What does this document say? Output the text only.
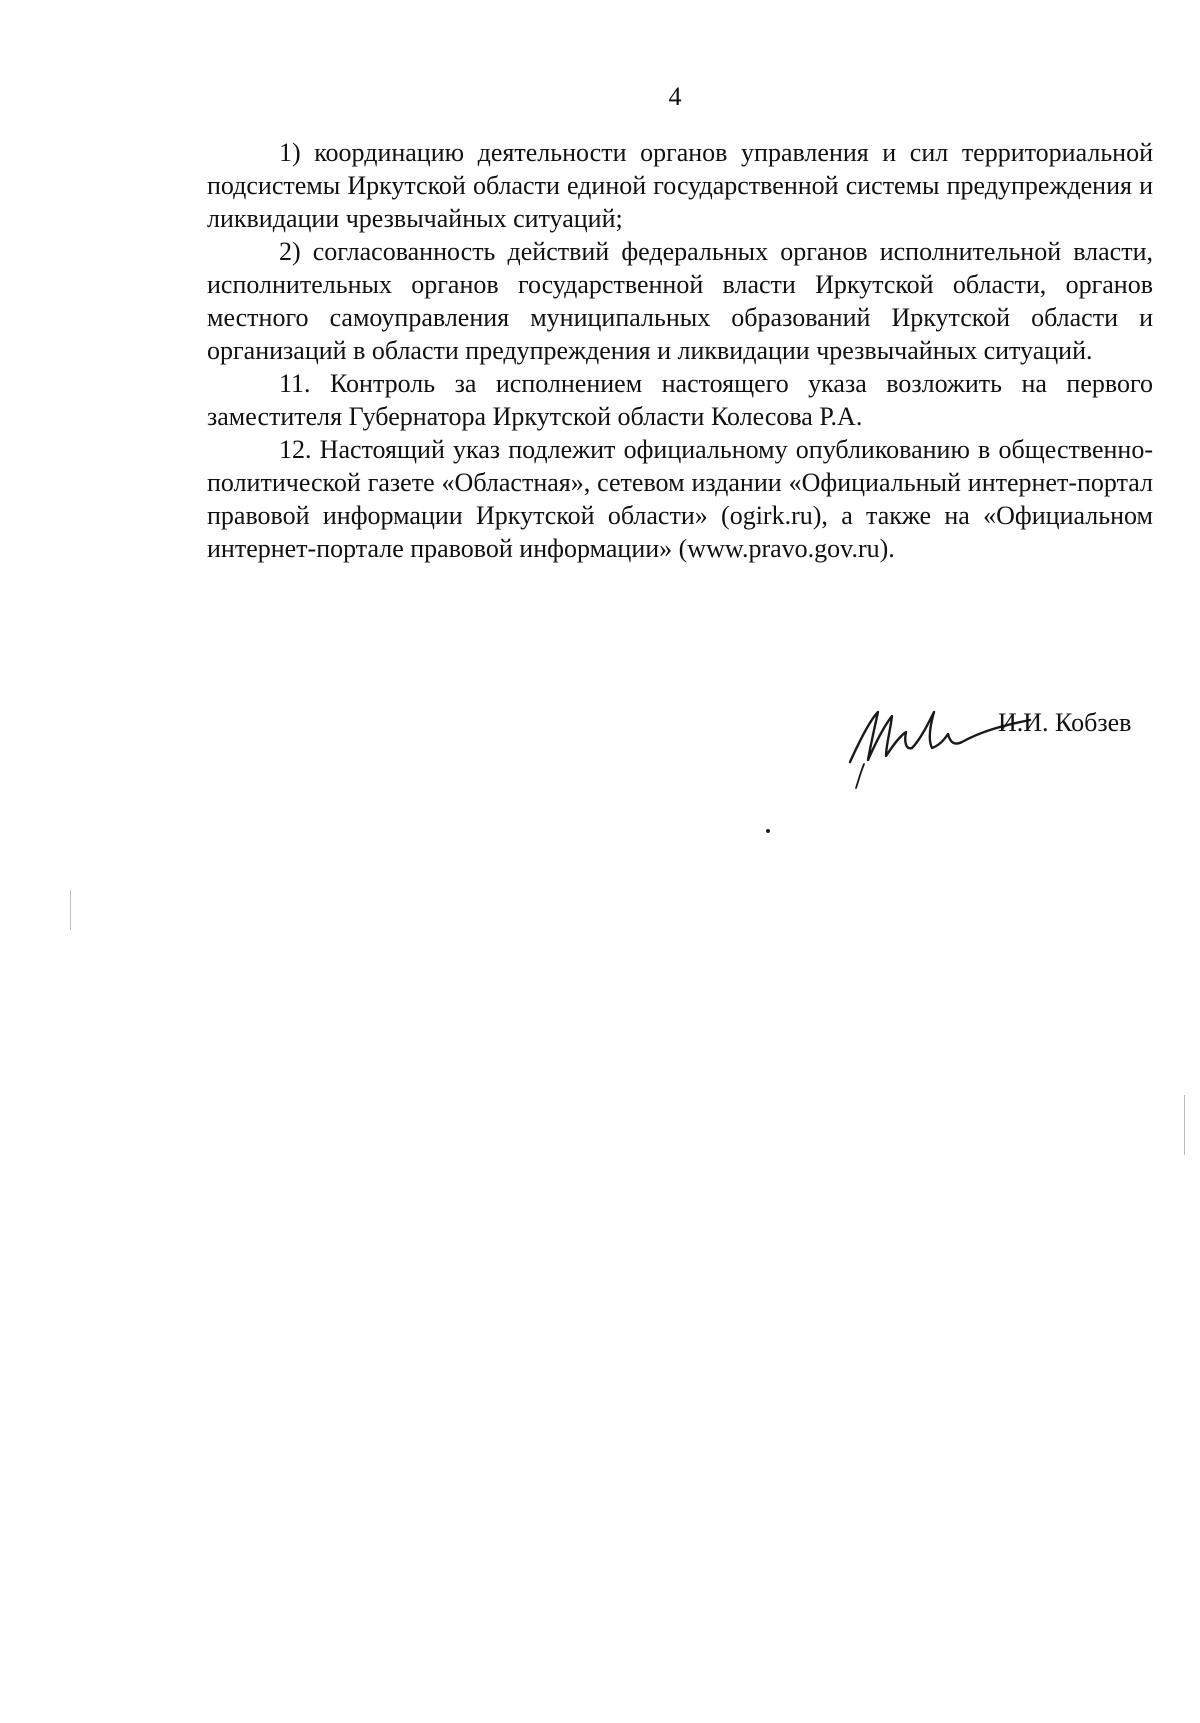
4

1) координацию деятельности органов управления и сил территориальной подсистемы Иркутской области единой государственной системы предупреждения и ликвидации чрезвычайных ситуаций;

2) согласованность действий федеральных органов исполнительной власти, исполнительных органов государственной власти Иркутской области, органов местного самоуправления муниципальных образований Иркутской области и организаций в области предупреждения и ликвидации чрезвычайных ситуаций.

11. Контроль за исполнением настоящего указа возложить на первого заместителя Губернатора Иркутской области Колесова Р.А.

12. Настоящий указ подлежит официальному опубликованию в общественно-политической газете «Областная», сетевом издании «Официальный интернет-портал правовой информации Иркутской области» (ogirk.ru), а также на «Официальном интернет-портале правовой информации» (www.pravo.gov.ru).

И.И. Кобзев
